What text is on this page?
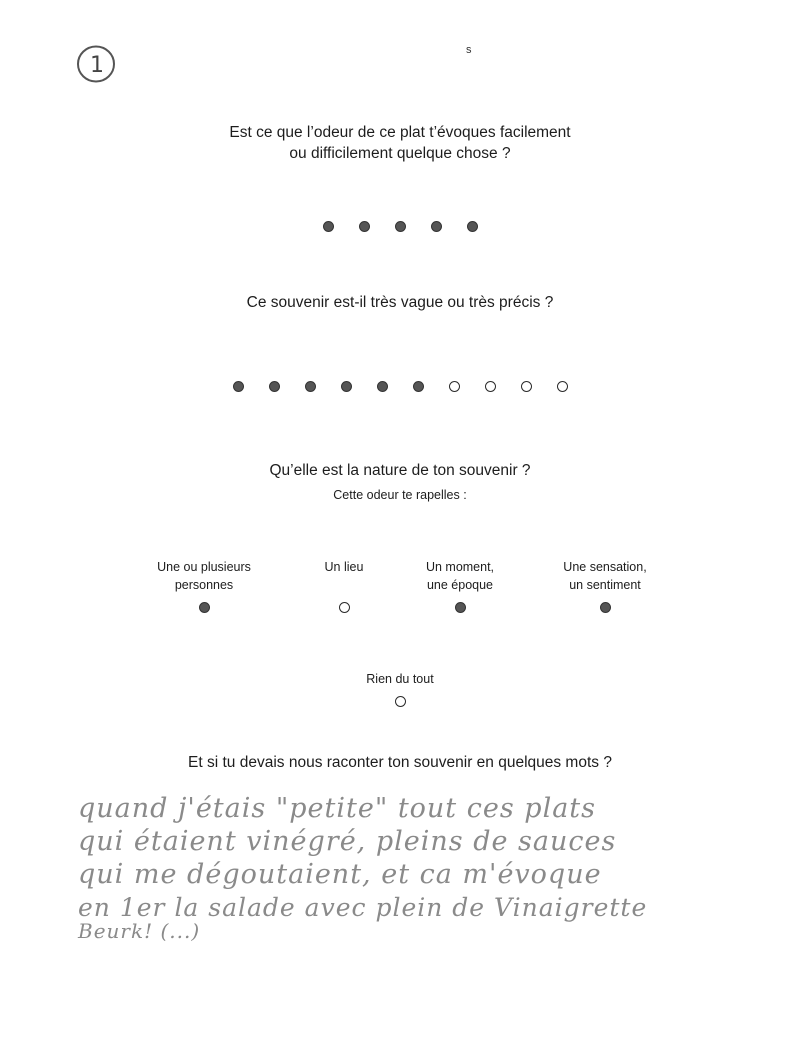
1
s
Est ce que l’odeur de ce plat t’évoques facilement
ou difficilement quelque chose ?
Ce souvenir est-il très vague ou très précis ?
Qu’elle est la nature de ton souvenir ?
Cette odeur te rapelles :
Une ou plusieurs
personnes
Un lieu
	Un moment,
une époque
Une sensation,
un sentiment
Rien du tout
Et si tu devais nous raconter ton souvenir en quelques mots ?
quand j'étais "petite" tout ces plats
qui étaient vinégré, pleins de sauces
qui me dégoutaient, et ca m'évoque
en 1er la salade avec plein de Vinaigrette
Beurk! (...)
